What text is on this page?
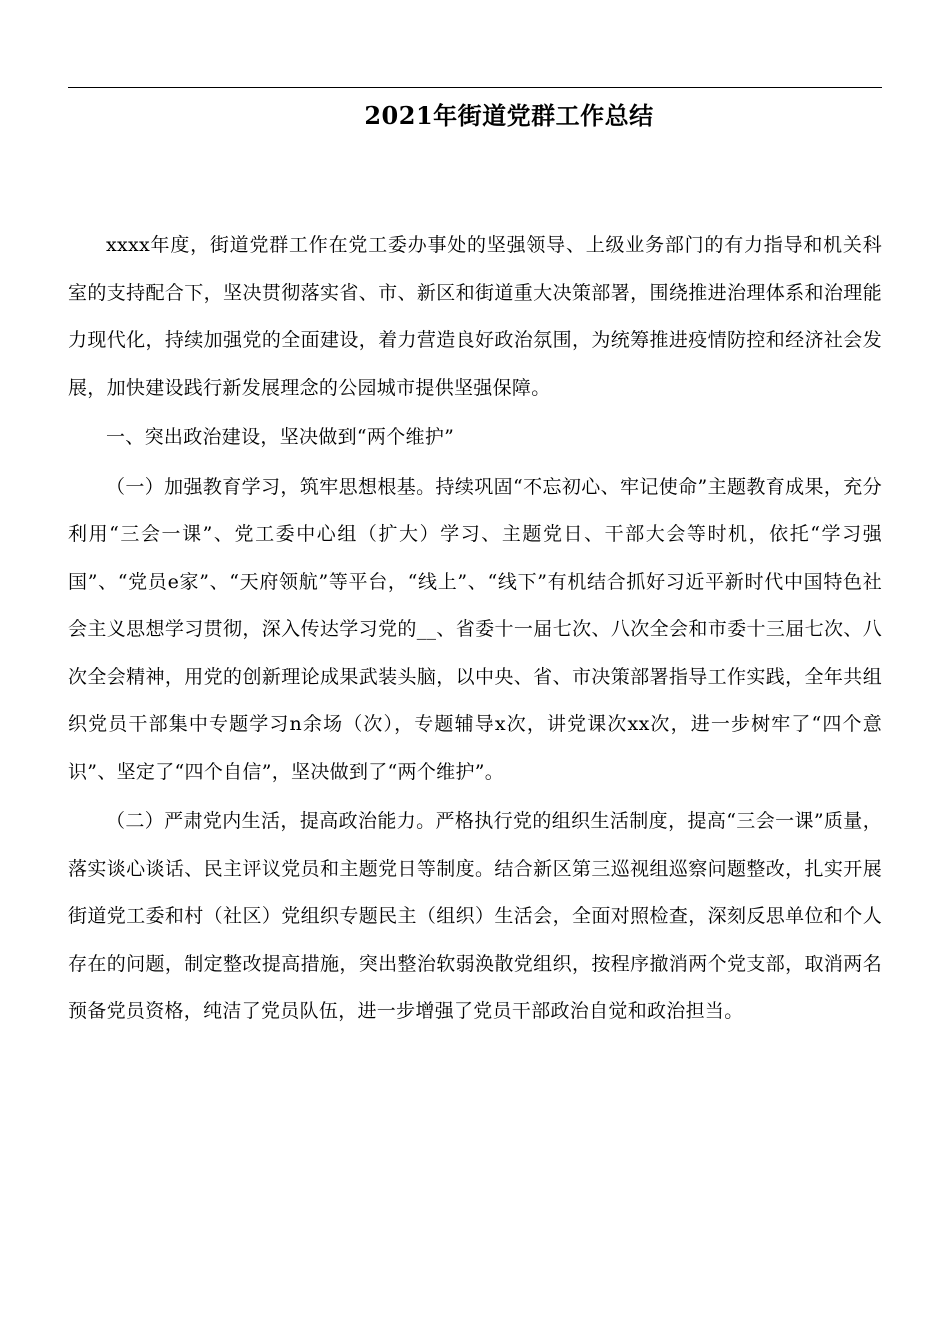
2021年街道党群工作总结

xxxx年度，街道党群工作在党工委办事处的坚强领导、上级业务部门的有力指导和机关科室的支持配合下，坚决贯彻落实省、市、新区和街道重大决策部署，围绕推进治理体系和治理能力现代化，持续加强党的全面建设，着力营造良好政治氛围，为统筹推进疫情防控和经济社会发展，加快建设践行新发展理念的公园城市提供坚强保障。

一、突出政治建设，坚决做到“两个维护”

（一）加强教育学习，筑牢思想根基。持续巩固“不忘初心、牢记使命”主题教育成果，充分利用“三会一课”、党工委中心组（扩大）学习、主题党日、干部大会等时机，依托“学习强国”、“党员e家”、“天府领航”等平台，“线上”、“线下”有机结合抓好习近平新时代中国特色社会主义思想学习贯彻，深入传达学习党的__、省委十一届七次、八次全会和市委十三届七次、八次全会精神，用党的创新理论成果武装头脑，以中央、省、市决策部署指导工作实践，全年共组织党员干部集中专题学习n余场（次），专题辅导x次，讲党课次xx次，进一步树牢了“四个意识”、坚定了“四个自信”，坚决做到了“两个维护”。

（二）严肃党内生活，提高政治能力。严格执行党的组织生活制度，提高“三会一课”质量，落实谈心谈话、民主评议党员和主题党日等制度。结合新区第三巡视组巡察问题整改，扎实开展街道党工委和村（社区）党组织专题民主（组织）生活会，全面对照检查，深刻反思单位和个人存在的问题，制定整改提高措施，突出整治软弱涣散党组织，按程序撤消两个党支部，取消两名预备党员资格，纯洁了党员队伍，进一步增强了党员干部政治自觉和政治担当。
